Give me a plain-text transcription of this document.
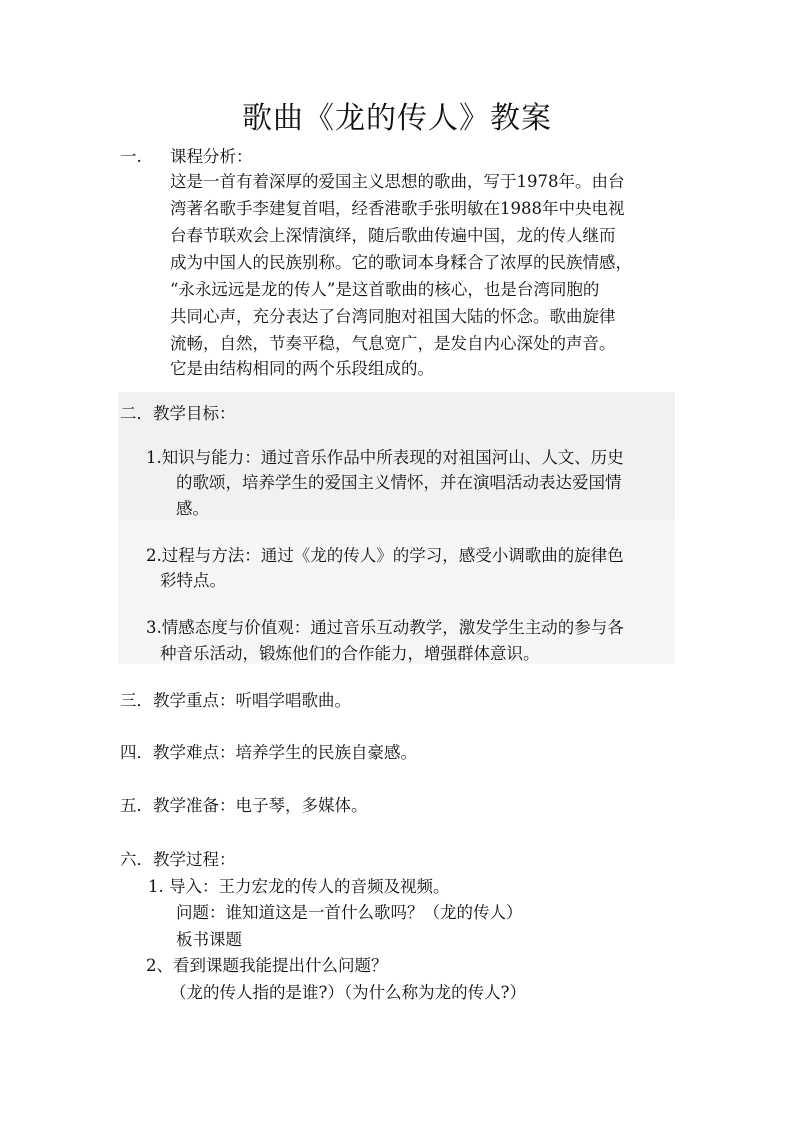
歌曲《龙的传人》教案
一. 课程分析：
这是一首有着深厚的爱国主义思想的歌曲，写于1978年。由台
湾著名歌手李建复首唱，经香港歌手张明敏在1988年中央电视
台春节联欢会上深情演绎，随后歌曲传遍中国，龙的传人继而
成为中国人的民族别称。它的歌词本身糅合了浓厚的民族情感，
“永永远远是龙的传人”是这首歌曲的核心，也是台湾同胞的
共同心声，充分表达了台湾同胞对祖国大陆的怀念。歌曲旋律
流畅，自然，节奏平稳，气息宽广，是发自内心深处的声音。
它是由结构相同的两个乐段组成的。
二．教学目标：
1.知识与能力：通过音乐作品中所表现的对祖国河山、人文、历史
的歌颂，培养学生的爱国主义情怀，并在演唱活动表达爱国情
感。
2.过程与方法：通过《龙的传人》的学习，感受小调歌曲的旋律色
彩特点。
3.情感态度与价值观：通过音乐互动教学，激发学生主动的参与各
种音乐活动，锻炼他们的合作能力，增强群体意识。
三．教学重点：听唱学唱歌曲。
四．教学难点：培养学生的民族自豪感。
五．教学准备：电子琴，多媒体。
六．教学过程：
1. 导入：王力宏龙的传人的音频及视频。
问题：谁知道这是一首什么歌吗？（龙的传人）
板书课题
2、看到课题我能提出什么问题？
（龙的传人指的是谁?）（为什么称为龙的传人?）
